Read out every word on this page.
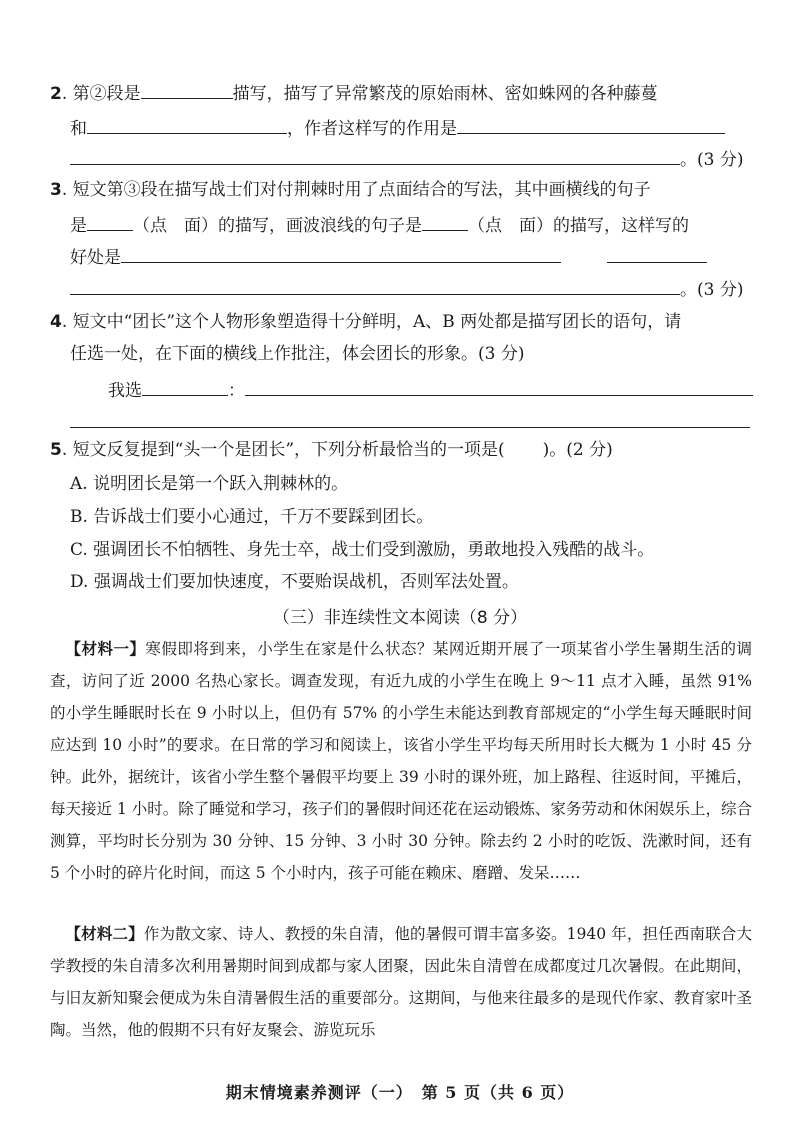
2. 第②段是	描写，描写了异常繁茂的原始雨林、密如蛛网的各种藤蔓
和	，作者这样写的作用是
。(3 分)
3. 短文第③段在描写战士们对付荆棘时用了点面结合的写法，其中画横线的句子
是	（点　面）的描写，画波浪线的句子是	（点　面）的描写，这样写的
好处是
。(3 分)
4. 短文中“团长”这个人物形象塑造得十分鲜明，A、B 两处都是描写团长的语句，请
任选一处，在下面的横线上作批注，体会团长的形象。(3 分)
我选	：
5. 短文反复提到“头一个是团长”，下列分析最恰当的一项是( )。(2 分)
A. 说明团长是第一个跃入荆棘林的。
B. 告诉战士们要小心通过，千万不要踩到团长。
C. 强调团长不怕牺牲、身先士卒，战士们受到激励，勇敢地投入残酷的战斗。
D. 强调战士们要加快速度，不要贻误战机，否则军法处置。
（三）非连续性文本阅读（8 分）

【材料一】寒假即将到来，小学生在家是什么状态？某网近期开展了一项某省小学生暑期生活的调查，访问了近 2000 名热心家长。调查发现，有近九成的小学生在晚上 9～11 点才入睡，虽然 91% 的小学生睡眠时长在 9 小时以上，但仍有 57% 的小学生未能达到教育部规定的“小学生每天睡眠时间应达到 10 小时”的要求。在日常的学习和阅读上，该省小学生平均每天所用时长大概为 1 小时 45 分钟。此外，据统计，该省小学生整个暑假平均要上 39 小时的课外班，加上路程、往返时间，平摊后，每天接近 1 小时。除了睡觉和学习，孩子们的暑假时间还花在运动锻炼、家务劳动和休闲娱乐上，综合测算，平均时长分别为 30 分钟、15 分钟、3 小时 30 分钟。除去约 2 小时的吃饭、洗漱时间，还有 5 个小时的碎片化时间，而这 5 个小时内，孩子可能在赖床、磨蹭、发呆……

【材料二】作为散文家、诗人、教授的朱自清，他的暑假可谓丰富多姿。1940 年，担任西南联合大学教授的朱自清多次利用暑期时间到成都与家人团聚，因此朱自清曾在成都度过几次暑假。在此期间，与旧友新知聚会便成为朱自清暑假生活的重要部分。这期间，与他来往最多的是现代作家、教育家叶圣陶。当然，他的假期不只有好友聚会、游览玩乐

期末情境素养测评（一）　第 5 页（共 6 页）
